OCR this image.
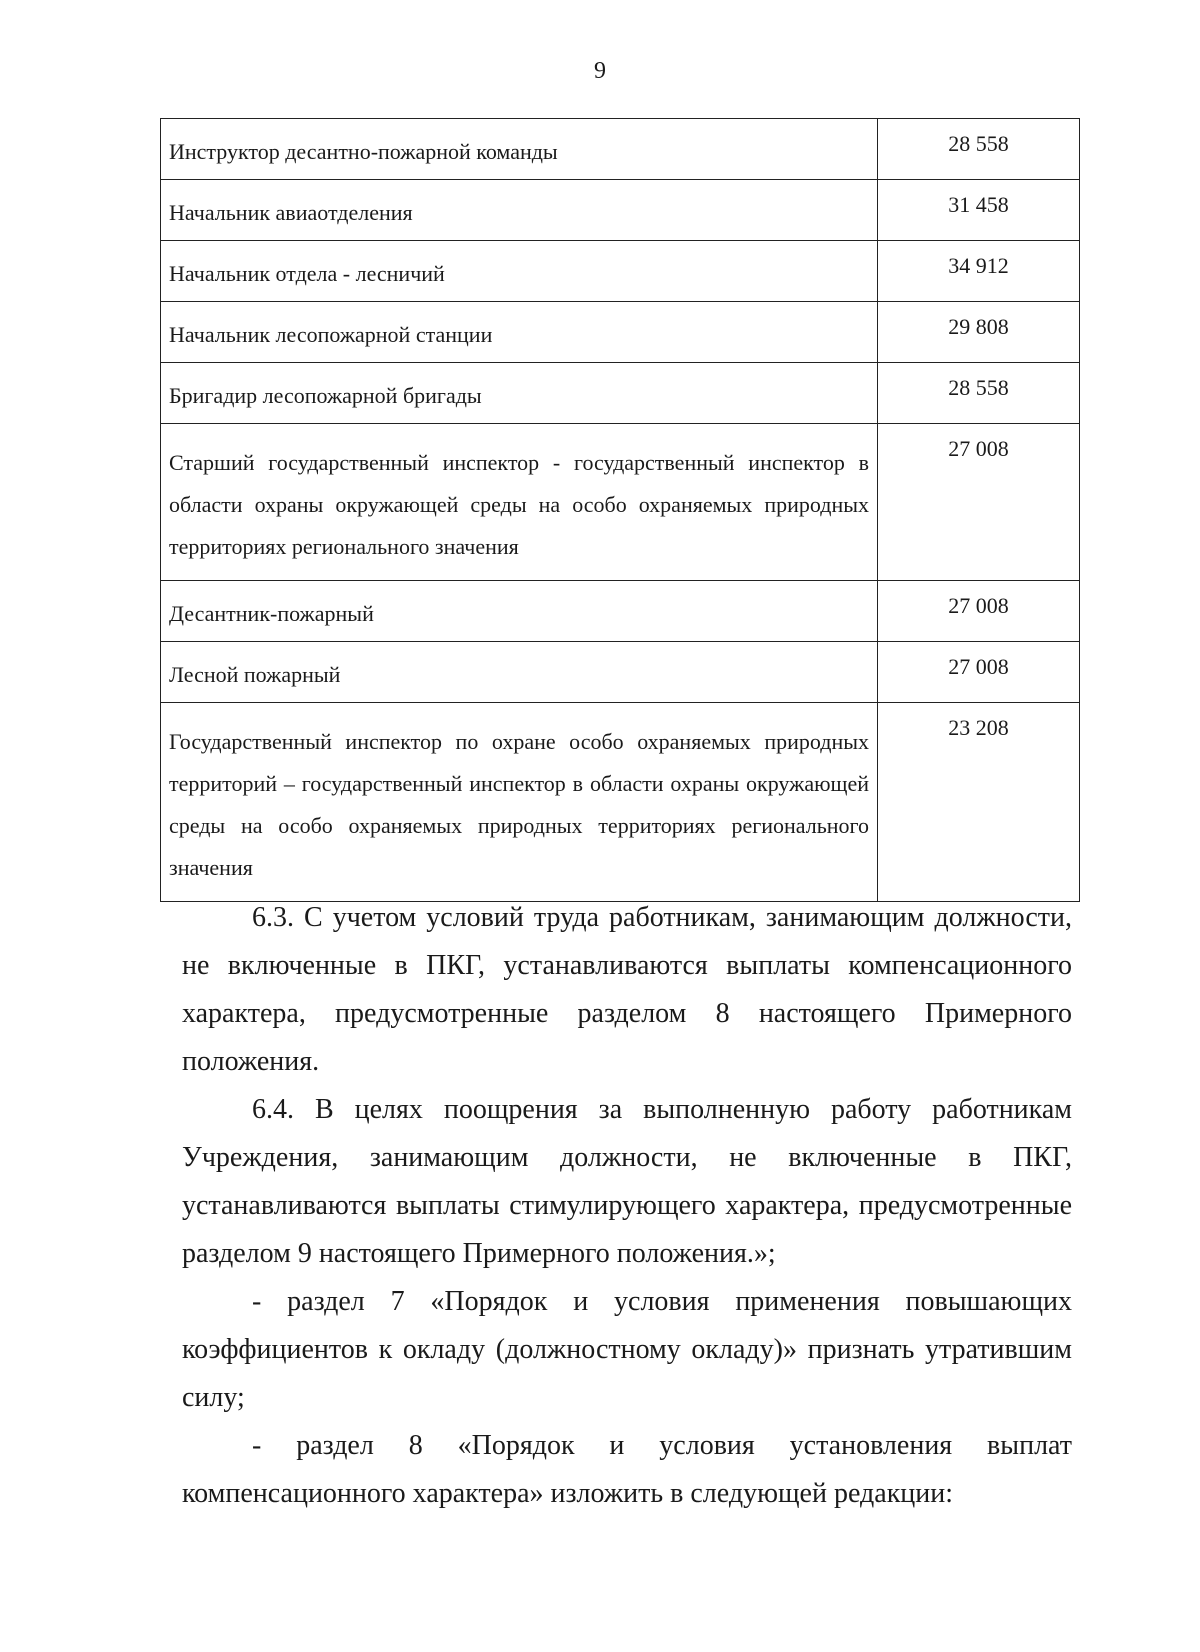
9
Инструктор десантно-пожарной команды	28 558
Начальник авиаотделения	31 458
Начальник отдела - лесничий	34 912
Начальник лесопожарной станции	29 808
Бригадир лесопожарной бригады	28 558
Старший государственный инспектор - государственный инспектор в области охраны окружающей среды на особо охраняемых природных территориях регионального значения	27 008
Десантник-пожарный	27 008
Лесной пожарный	27 008
Государственный инспектор по охране особо охраняемых природных территорий – государственный инспектор в области охраны окружающей среды на особо охраняемых природных территориях регионального значения	23 208
6.3. С учетом условий труда работникам, занимающим должности,
не включенные в ПКГ, устанавливаются выплаты компенсационного
характера, предусмотренные разделом 8 настоящего Примерного
положения.
6.4. В целях поощрения за выполненную работу работникам
Учреждения, занимающим должности, не включенные в ПКГ,
устанавливаются выплаты стимулирующего характера, предусмотренные
разделом 9 настоящего Примерного положения.»;
- раздел 7 «Порядок и условия применения повышающих
коэффициентов к окладу (должностному окладу)» признать утратившим
силу;
- раздел 8 «Порядок и условия установления выплат
компенсационного характера» изложить в следующей редакции:
